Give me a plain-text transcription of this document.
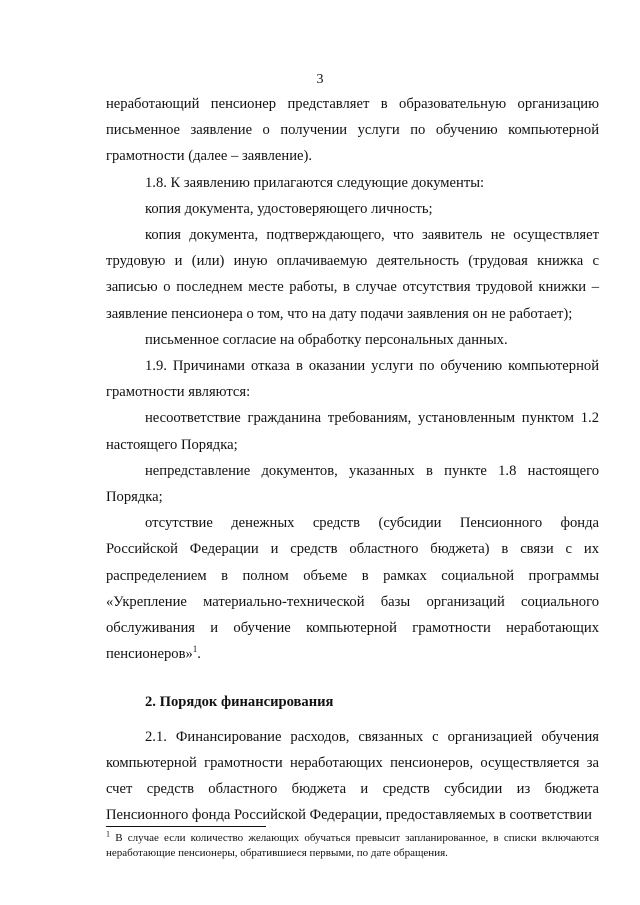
3

неработающий пенсионер представляет в образовательную организацию письменное заявление о получении услуги по обучению компьютерной грамотности (далее – заявление).

1.8. К заявлению прилагаются следующие документы:

копия документа, удостоверяющего личность;

копия документа, подтверждающего, что заявитель не осуществляет трудовую и (или) иную оплачиваемую деятельность (трудовая книжка с записью о последнем месте работы, в случае отсутствия трудовой книжки – заявление пенсионера о том, что на дату подачи заявления он не работает);

письменное согласие на обработку персональных данных.

1.9. Причинами отказа в оказании услуги по обучению компьютерной грамотности являются:

несоответствие гражданина требованиям, установленным пунктом 1.2 настоящего Порядка;

непредставление документов, указанных в пункте 1.8 настоящего Порядка;

отсутствие денежных средств (субсидии Пенсионного фонда Российской Федерации и средств областного бюджета) в связи с их распределением в полном объеме в рамках социальной программы «Укрепление материально-технической базы организаций социального обслуживания и обучение компьютерной грамотности неработающих пенсионеров»$^1$.

2. Порядок финансирования

2.1. Финансирование расходов, связанных с организацией обучения компьютерной грамотности неработающих пенсионеров, осуществляется за счет средств областного бюджета и средств субсидии из бюджета Пенсионного фонда Российской Федерации, предоставляемых в соответствии

$^1$ В случае если количество желающих обучаться превысит запланированное, в списки включаются неработающие пенсионеры, обратившиеся первыми, по дате обращения.
